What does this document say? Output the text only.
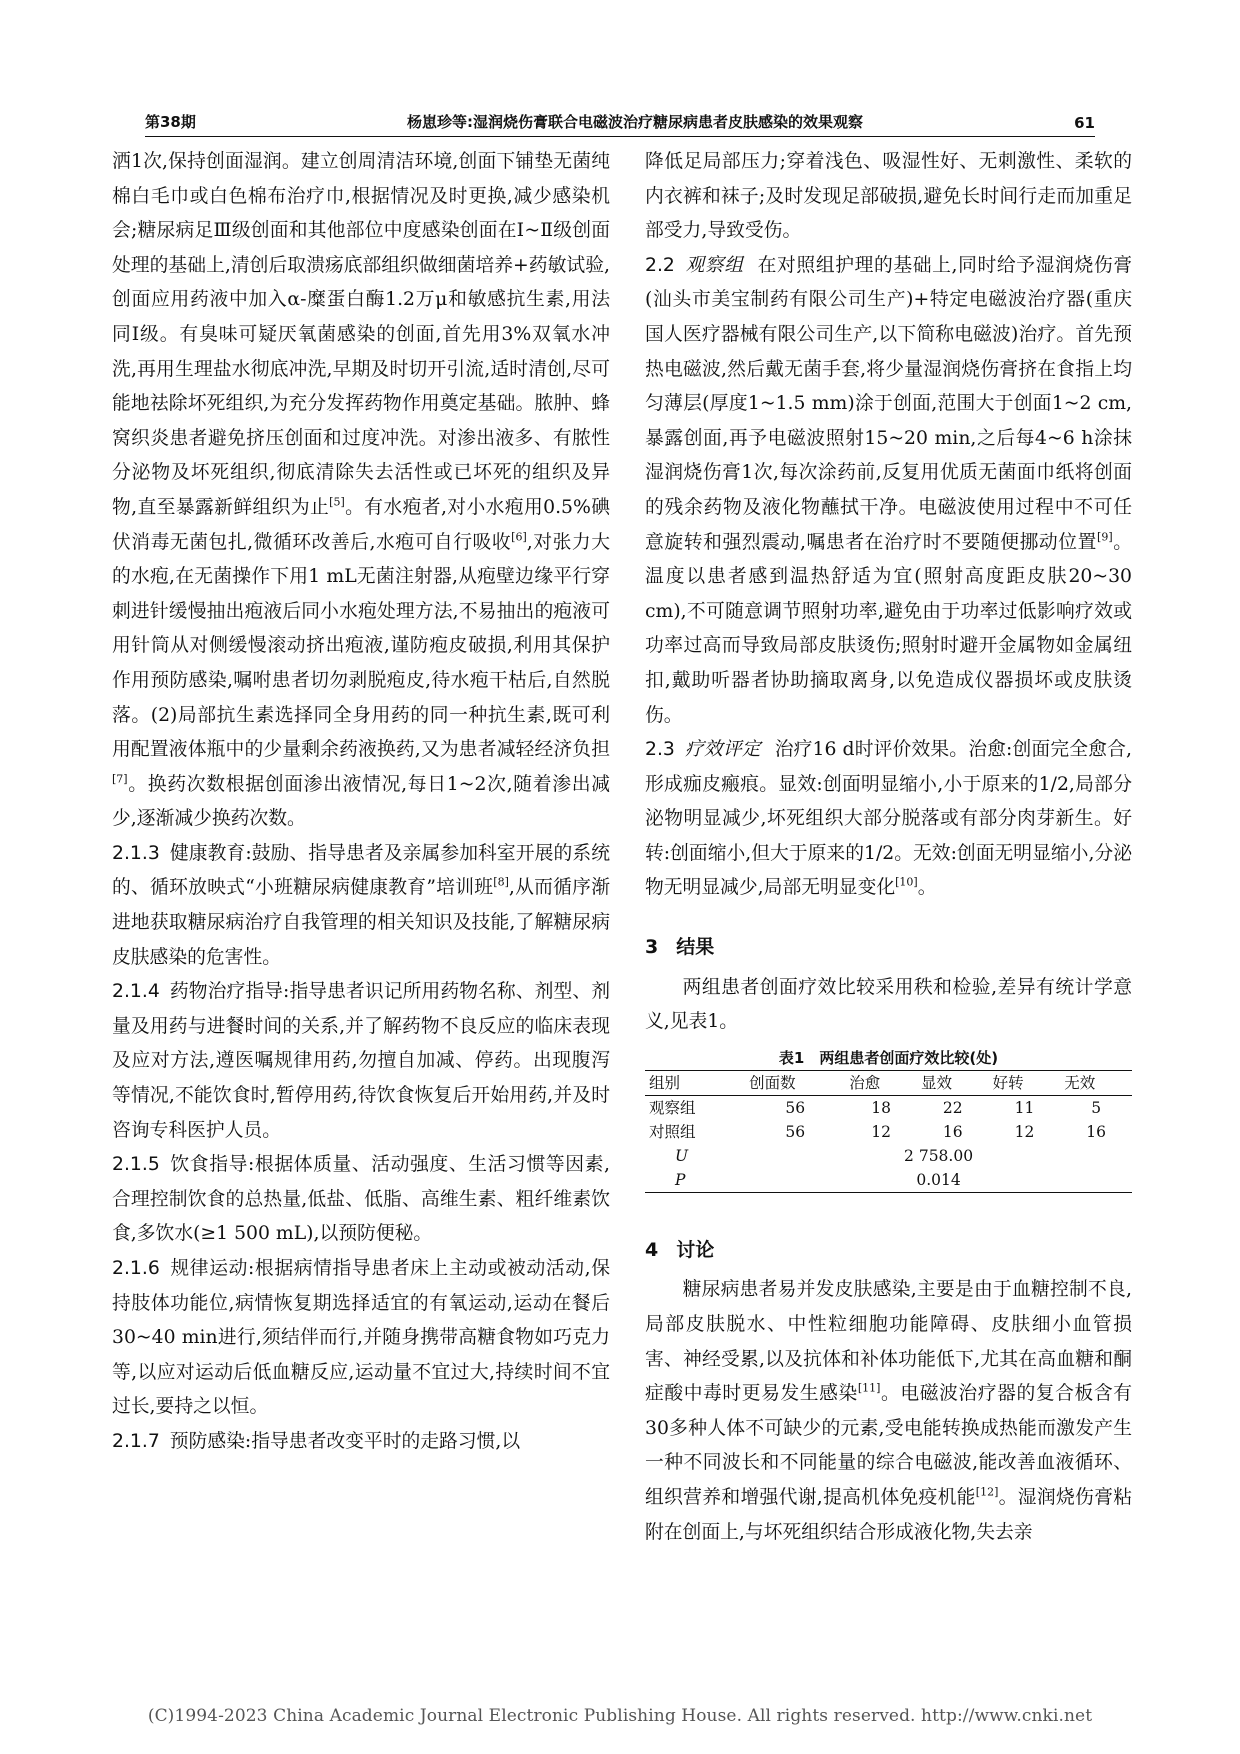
第38期	杨崽珍等:湿润烧伤膏联合电磁波治疗糖尿病患者皮肤感染的效果观察	61

洒1次,保持创面湿润。建立创周清洁环境,创面下铺垫无菌纯棉白毛巾或白色棉布治疗巾,根据情况及时更换,减少感染机会;糖尿病足Ⅲ级创面和其他部位中度感染创面在Ⅰ~Ⅱ级创面处理的基础上,清创后取溃疡底部组织做细菌培养+药敏试验,创面应用药液中加入α-糜蛋白酶1.2万μ和敏感抗生素,用法同Ⅰ级。有臭味可疑厌氧菌感染的创面,首先用3%双氧水冲洗,再用生理盐水彻底冲洗,早期及时切开引流,适时清创,尽可能地祛除坏死组织,为充分发挥药物作用奠定基础。脓肿、蜂窝织炎患者避免挤压创面和过度冲洗。对渗出液多、有脓性分泌物及坏死组织,彻底清除失去活性或已坏死的组织及异物,直至暴露新鲜组织为止[5]。有水疱者,对小水疱用0.5%碘伏消毒无菌包扎,微循环改善后,水疱可自行吸收[6],对张力大的水疱,在无菌操作下用1 mL无菌注射器,从疱壁边缘平行穿刺进针缓慢抽出疱液后同小水疱处理方法,不易抽出的疱液可用针筒从对侧缓慢滚动挤出疱液,谨防疱皮破损,利用其保护作用预防感染,嘱咐患者切勿剥脱疱皮,待水疱干枯后,自然脱落。(2)局部抗生素选择同全身用药的同一种抗生素,既可利用配置液体瓶中的少量剩余药液换药,又为患者减轻经济负担[7]。换药次数根据创面渗出液情况,每日1~2次,随着渗出减少,逐渐减少换药次数。

2.1.3 健康教育:鼓励、指导患者及亲属参加科室开展的系统的、循环放映式“小班糖尿病健康教育”培训班[8],从而循序渐进地获取糖尿病治疗自我管理的相关知识及技能,了解糖尿病皮肤感染的危害性。

2.1.4 药物治疗指导:指导患者识记所用药物名称、剂型、剂量及用药与进餐时间的关系,并了解药物不良反应的临床表现及应对方法,遵医嘱规律用药,勿擅自加减、停药。出现腹泻等情况,不能饮食时,暂停用药,待饮食恢复后开始用药,并及时咨询专科医护人员。

2.1.5 饮食指导:根据体质量、活动强度、生活习惯等因素,合理控制饮食的总热量,低盐、低脂、高维生素、粗纤维素饮食,多饮水(≥1 500 mL),以预防便秘。

2.1.6 规律运动:根据病情指导患者床上主动或被动活动,保持肢体功能位,病情恢复期选择适宜的有氧运动,运动在餐后30~40 min进行,须结伴而行,并随身携带高糖食物如巧克力等,以应对运动后低血糖反应,运动量不宜过大,持续时间不宜过长,要持之以恒。

2.1.7 预防感染:指导患者改变平时的走路习惯,以

降低足局部压力;穿着浅色、吸湿性好、无刺激性、柔软的内衣裤和袜子;及时发现足部破损,避免长时间行走而加重足部受力,导致受伤。

2.2 观察组 在对照组护理的基础上,同时给予湿润烧伤膏(汕头市美宝制药有限公司生产)+特定电磁波治疗器(重庆国人医疗器械有限公司生产,以下简称电磁波)治疗。首先预热电磁波,然后戴无菌手套,将少量湿润烧伤膏挤在食指上均匀薄层(厚度1~1.5 mm)涂于创面,范围大于创面1~2 cm,暴露创面,再予电磁波照射15~20 min,之后每4~6 h涂抹湿润烧伤膏1次,每次涂药前,反复用优质无菌面巾纸将创面的残余药物及液化物蘸拭干净。电磁波使用过程中不可任意旋转和强烈震动,嘱患者在治疗时不要随便挪动位置[9]。温度以患者感到温热舒适为宜(照射高度距皮肤20~30 cm),不可随意调节照射功率,避免由于功率过低影响疗效或功率过高而导致局部皮肤烫伤;照射时避开金属物如金属纽扣,戴助听器者协助摘取离身,以免造成仪器损坏或皮肤烫伤。

2.3 疗效评定 治疗16 d时评价效果。治愈:创面完全愈合,形成痂皮瘢痕。显效:创面明显缩小,小于原来的1/2,局部分泌物明显减少,坏死组织大部分脱落或有部分肉芽新生。好转:创面缩小,但大于原来的1/2。无效:创面无明显缩小,分泌物无明显减少,局部无明显变化[10]。

3 结果

两组患者创面疗效比较采用秩和检验,差异有统计学意义,见表1。

表1　两组患者创面疗效比较(处)
组别	创面数	治愈	显效	好转	无效
观察组	56	18	22	11	5
对照组	56	12	16	12	16
U	2 758.00				
P	0.014				
4 讨论

糖尿病患者易并发皮肤感染,主要是由于血糖控制不良,局部皮肤脱水、中性粒细胞功能障碍、皮肤细小血管损害、神经受累,以及抗体和补体功能低下,尤其在高血糖和酮症酸中毒时更易发生感染[11]。电磁波治疗器的复合板含有30多种人体不可缺少的元素,受电能转换成热能而激发产生一种不同波长和不同能量的综合电磁波,能改善血液循环、组织营养和增强代谢,提高机体免疫机能[12]。湿润烧伤膏粘附在创面上,与坏死组织结合形成液化物,失去亲

(C)1994-2023 China Academic Journal Electronic Publishing House. All rights reserved. http://www.cnki.net
